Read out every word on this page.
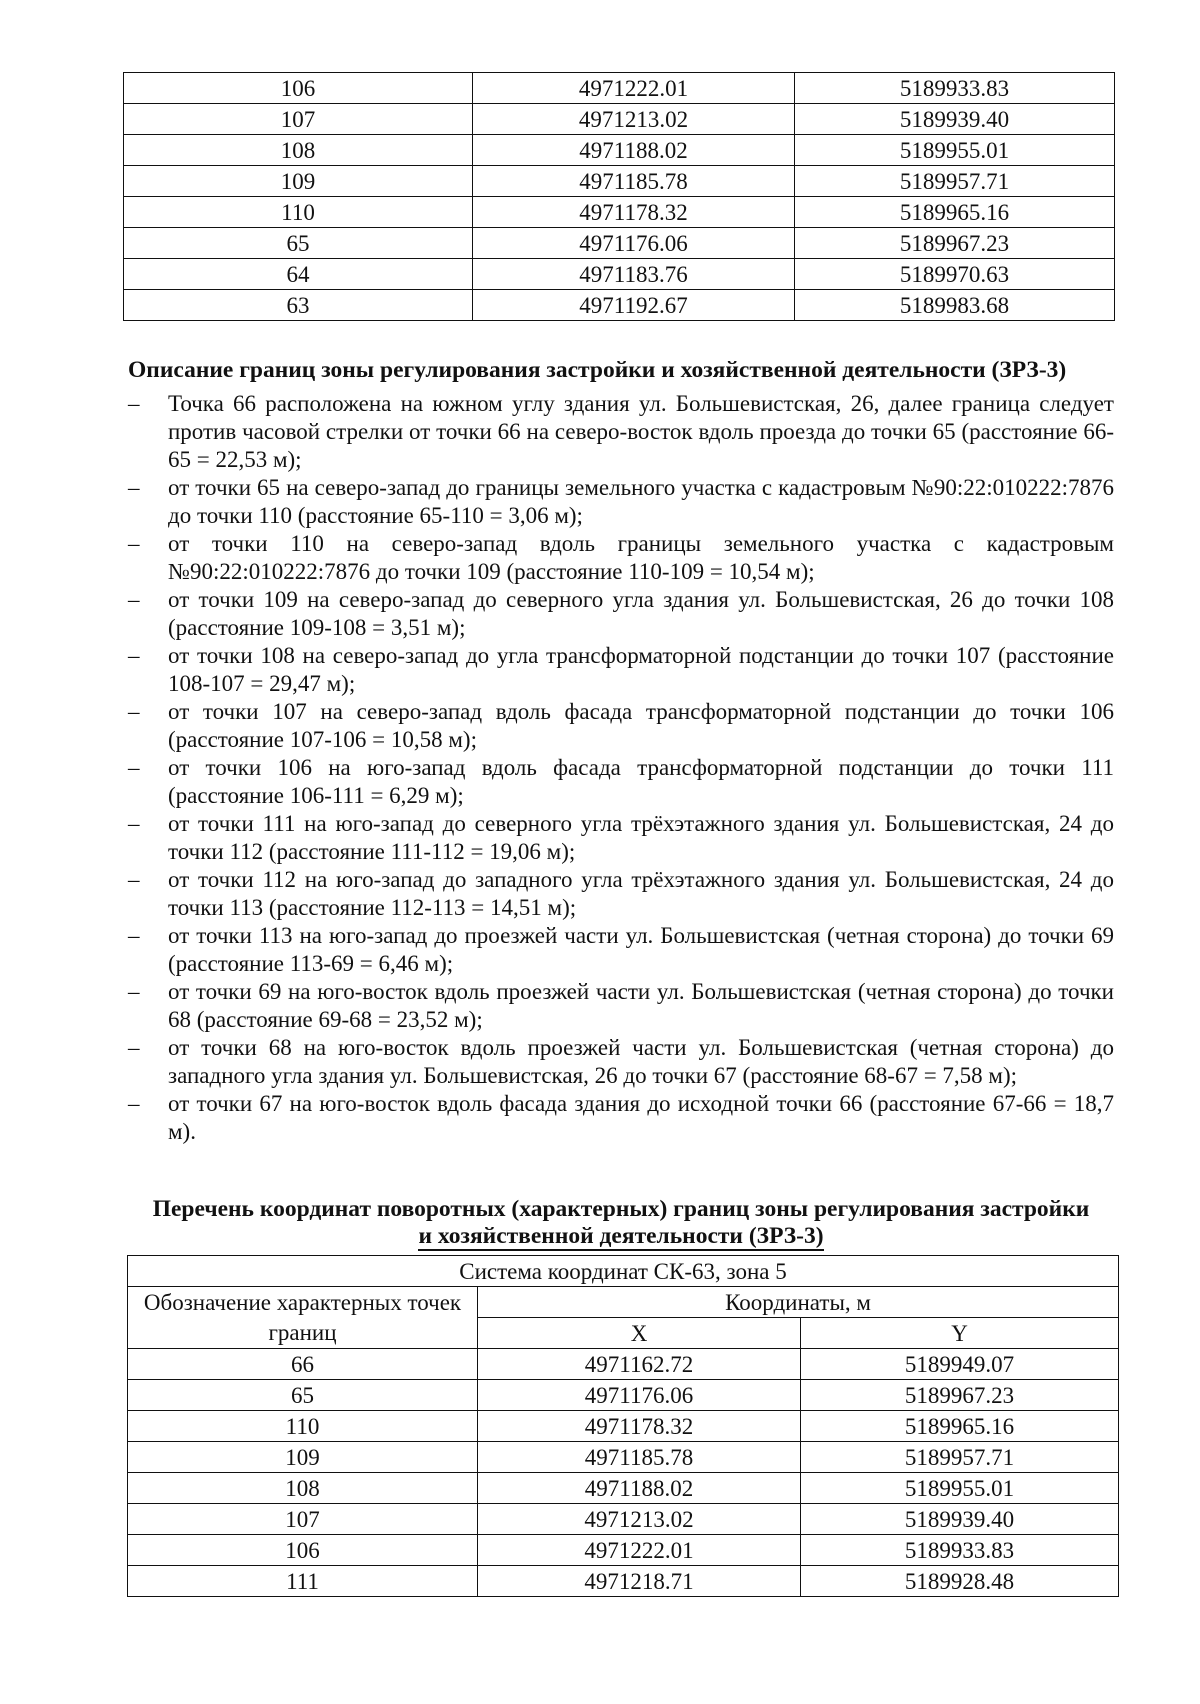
106	4971222.01	5189933.83
107	4971213.02	5189939.40
108	4971188.02	5189955.01
109	4971185.78	5189957.71
110	4971178.32	5189965.16
65	4971176.06	5189967.23
64	4971183.76	5189970.63
63	4971192.67	5189983.68
Описание границ зоны регулирования застройки и хозяйственной деятельности (ЗРЗ-3)
– Точка 66 расположена на южном углу здания ул. Большевистская, 26, далее граница следует против часовой стрелки от точки 66 на северо-восток вдоль проезда до точки 65 (расстояние 66-65 = 22,53 м);
– от точки 65 на северо-запад до границы земельного участка с кадастровым №90:22:010222:7876 до точки 110 (расстояние 65-110 = 3,06 м);
– от точки 110 на северо-запад вдоль границы земельного участка с кадастровым №90:22:010222:7876 до точки 109 (расстояние 110-109 = 10,54 м);
– от точки 109 на северо-запад до северного угла здания ул. Большевистская, 26 до точки 108 (расстояние 109-108 = 3,51 м);
– от точки 108 на северо-запад до угла трансформаторной подстанции до точки 107 (расстояние 108-107 = 29,47 м);
– от точки 107 на северо-запад вдоль фасада трансформаторной подстанции до точки 106 (расстояние 107-106 = 10,58 м);
– от точки 106 на юго-запад вдоль фасада трансформаторной подстанции до точки 111 (расстояние 106-111 = 6,29 м);
– от точки 111 на юго-запад до северного угла трёхэтажного здания ул. Большевистская, 24 до точки 112 (расстояние 111-112 = 19,06 м);
– от точки 112 на юго-запад до западного угла трёхэтажного здания ул. Большевистская, 24 до точки 113 (расстояние 112-113 = 14,51 м);
– от точки 113 на юго-запад до проезжей части ул. Большевистская (четная сторона) до точки 69 (расстояние 113-69 = 6,46 м);
– от точки 69 на юго-восток вдоль проезжей части ул. Большевистская (четная сторона) до точки 68 (расстояние 69-68 = 23,52 м);
– от точки 68 на юго-восток вдоль проезжей части ул. Большевистская (четная сторона) до западного угла здания ул. Большевистская, 26 до точки 67 (расстояние 68-67 = 7,58 м);
– от точки 67 на юго-восток вдоль фасада здания до исходной точки 66 (расстояние 67-66 = 18,7 м).
Перечень координат поворотных (характерных) границ зоны регулирования застройки
и хозяйственной деятельности (ЗРЗ-3)
Система координат СК-63, зона 5		
Обозначение характерных точек границ	Координаты, м	
	X	Y
66	4971162.72	5189949.07
65	4971176.06	5189967.23
110	4971178.32	5189965.16
109	4971185.78	5189957.71
108	4971188.02	5189955.01
107	4971213.02	5189939.40
106	4971222.01	5189933.83
111	4971218.71	5189928.48
